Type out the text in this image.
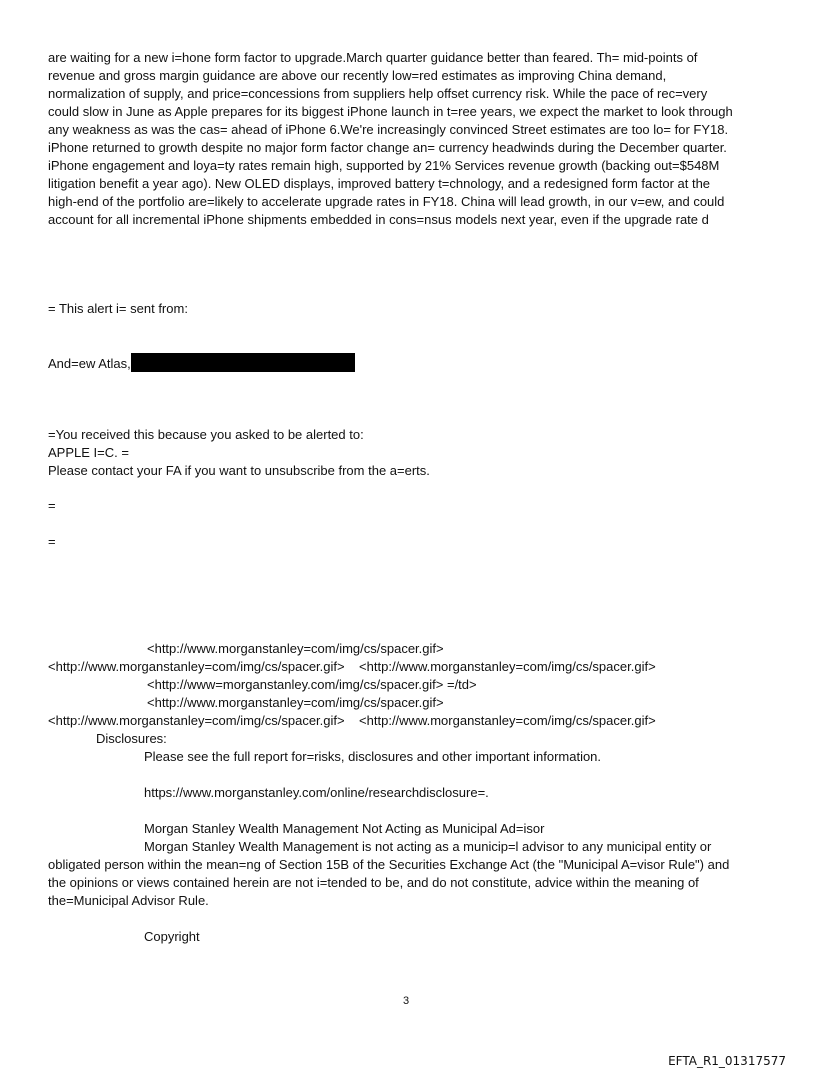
are waiting for a new i=hone form factor to upgrade.March quarter guidance better than feared. Th= mid-points of
revenue and gross margin guidance are above our recently low=red estimates as improving China demand,
normalization of supply, and price=concessions from suppliers help offset currency risk. While the pace of rec=very
could slow in June as Apple prepares for its biggest iPhone launch in t=ree years, we expect the market to look through
any weakness as was the cas= ahead of iPhone 6.We're increasingly convinced Street estimates are too lo= for FY18.
iPhone returned to growth despite no major form factor change an= currency headwinds during the December quarter.
iPhone engagement and loya=ty rates remain high, supported by 21% Services revenue growth (backing out=$548M
litigation benefit a year ago). New OLED displays, improved battery t=chnology, and a redesigned form factor at the
high-end of the portfolio are=likely to accelerate upgrade rates in FY18. China will lead growth, in our v=ew, and could
account for all incremental iPhone shipments embedded in cons=nsus models next year, even if the upgrade rate d
= This alert i= sent from:
And=ew Atlas,
=You received this because you asked to be alerted to:
APPLE I=C. =
Please contact your FA if you want to unsubscribe from the a=erts.
=
=
<http://www.morganstanley=com/img/cs/spacer.gif>
<http://www.morganstanley=com/img/cs/spacer.gif>    <http://www.morganstanley=com/img/cs/spacer.gif>
<http://www=morganstanley.com/img/cs/spacer.gif> =/td>
<http://www.morganstanley=com/img/cs/spacer.gif>
<http://www.morganstanley=com/img/cs/spacer.gif>    <http://www.morganstanley=com/img/cs/spacer.gif>
Disclosures:
Please see the full report for=risks, disclosures and other important information.
https://www.morganstanley.com/online/researchdisclosure=.
Morgan Stanley Wealth Management Not Acting as Municipal Ad=isor
Morgan Stanley Wealth Management is not acting as a municip=l advisor to any municipal entity or
obligated person within the mean=ng of Section 15B of the Securities Exchange Act (the "Municipal A=visor Rule") and
the opinions or views contained herein are not i=tended to be, and do not constitute, advice within the meaning of
the=Municipal Advisor Rule.
Copyright
3
EFTA_R1_01317577
